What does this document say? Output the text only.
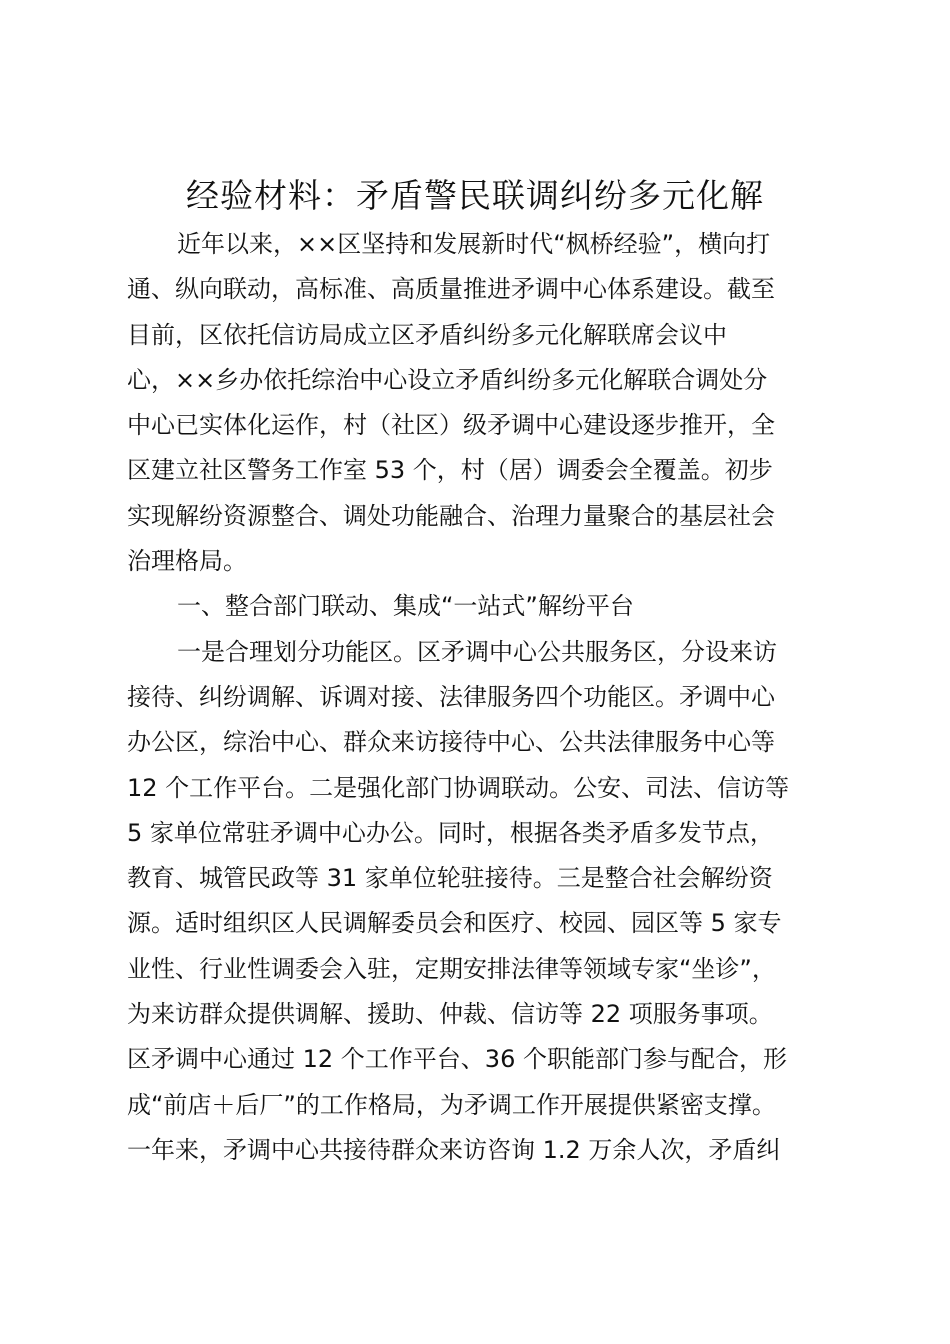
经验材料：矛盾警民联调纠纷多元化解
近年以来，××区坚持和发展新时代“枫桥经验”，横向打
通、纵向联动，高标准、高质量推进矛调中心体系建设。截至
目前，区依托信访局成立区矛盾纠纷多元化解联席会议中
心，××乡办依托综治中心设立矛盾纠纷多元化解联合调处分
中心已实体化运作，村（社区）级矛调中心建设逐步推开，全
区建立社区警务工作室 53 个，村（居）调委会全覆盖。初步
实现解纷资源整合、调处功能融合、治理力量聚合的基层社会
治理格局。
一、整合部门联动、集成“一站式”解纷平台
一是合理划分功能区。区矛调中心公共服务区，分设来访
接待、纠纷调解、诉调对接、法律服务四个功能区。矛调中心
办公区，综治中心、群众来访接待中心、公共法律服务中心等
12 个工作平台。二是强化部门协调联动。公安、司法、信访等
5 家单位常驻矛调中心办公。同时，根据各类矛盾多发节点，
教育、城管民政等 31 家单位轮驻接待。三是整合社会解纷资
源。适时组织区人民调解委员会和医疗、校园、园区等 5 家专
业性、行业性调委会入驻，定期安排法律等领域专家“坐诊”，
为来访群众提供调解、援助、仲裁、信访等 22 项服务事项。
区矛调中心通过 12 个工作平台、36 个职能部门参与配合，形
成“前店＋后厂”的工作格局，为矛调工作开展提供紧密支撑。
一年来，矛调中心共接待群众来访咨询 1.2 万余人次，矛盾纠
